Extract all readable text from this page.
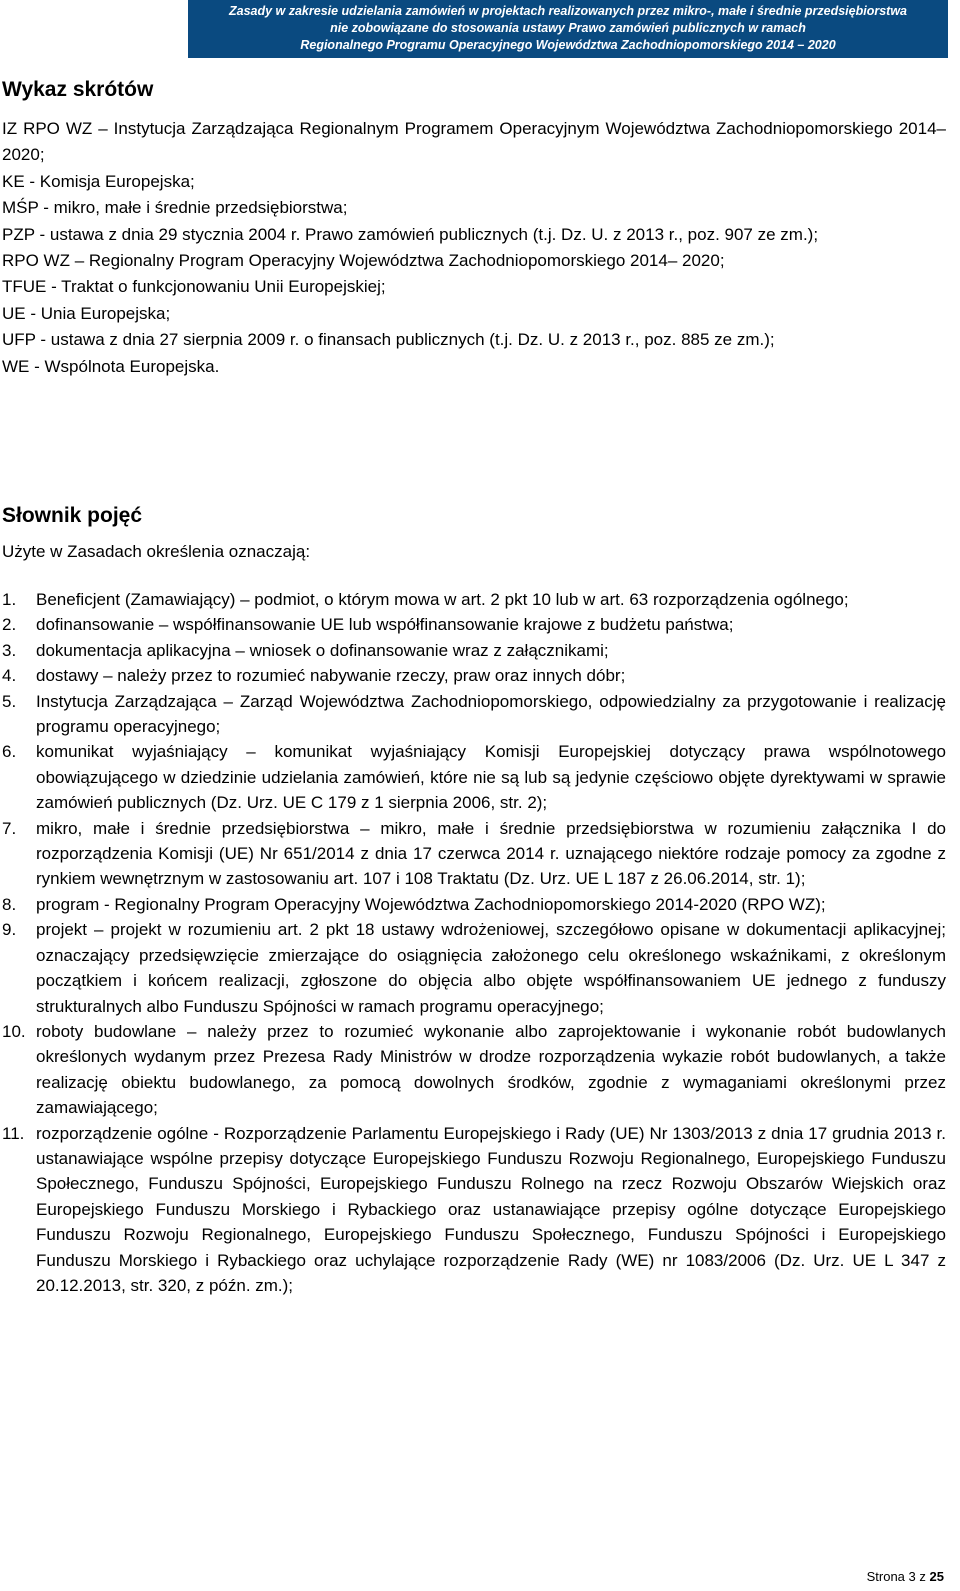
Zasady w zakresie udzielania zamówień w projektach realizowanych przez mikro-, małe i średnie przedsiębiorstwa
nie zobowiązane do stosowania ustawy Prawo zamówień publicznych w ramach
Regionalnego Programu Operacyjnego Województwa Zachodniopomorskiego 2014 – 2020
Wykaz skrótów
IZ RPO WZ – Instytucja Zarządzająca Regionalnym Programem Operacyjnym Województwa Zachodniopomorskiego 2014–2020;
KE - Komisja Europejska;
MŚP - mikro, małe i średnie przedsiębiorstwa;
PZP - ustawa z dnia 29 stycznia 2004 r. Prawo zamówień publicznych (t.j. Dz. U. z 2013 r., poz. 907 ze zm.);
RPO WZ – Regionalny Program Operacyjny Województwa Zachodniopomorskiego 2014– 2020;
TFUE - Traktat o funkcjonowaniu Unii Europejskiej;
UE - Unia Europejska;
UFP - ustawa z dnia 27 sierpnia 2009 r. o finansach publicznych (t.j. Dz. U. z 2013 r., poz. 885 ze zm.);
WE - Wspólnota Europejska.
Słownik pojęć

Użyte w Zasadach określenia oznaczają:

1. Beneficjent (Zamawiający) – podmiot, o którym mowa w art. 2 pkt 10 lub w art. 63 rozporządzenia ogólnego;
2. dofinansowanie – współfinansowanie UE lub współfinansowanie krajowe z budżetu państwa;
3. dokumentacja aplikacyjna – wniosek o dofinansowanie wraz z załącznikami;
4. dostawy – należy przez to rozumieć nabywanie rzeczy, praw oraz innych dóbr;
5. Instytucja Zarządzająca – Zarząd Województwa Zachodniopomorskiego, odpowiedzialny za przygotowanie i realizację programu operacyjnego;
6. komunikat wyjaśniający – komunikat wyjaśniający Komisji Europejskiej dotyczący prawa wspólnotowego obowiązującego w dziedzinie udzielania zamówień, które nie są lub są jedynie częściowo objęte dyrektywami w sprawie zamówień publicznych (Dz. Urz. UE C 179 z 1 sierpnia 2006, str. 2);
7. mikro, małe i średnie przedsiębiorstwa – mikro, małe i średnie przedsiębiorstwa w rozumieniu załącznika I do rozporządzenia Komisji (UE) Nr 651/2014 z dnia 17 czerwca 2014 r. uznającego niektóre rodzaje pomocy za zgodne z rynkiem wewnętrznym w zastosowaniu art. 107 i 108 Traktatu (Dz. Urz. UE L 187 z 26.06.2014, str. 1);
8. program - Regionalny Program Operacyjny Województwa Zachodniopomorskiego 2014-2020 (RPO WZ);
9. projekt – projekt w rozumieniu art. 2 pkt 18 ustawy wdrożeniowej, szczegółowo opisane w dokumentacji aplikacyjnej; oznaczający przedsięwzięcie zmierzające do osiągnięcia założonego celu określonego wskaźnikami, z określonym początkiem i końcem realizacji, zgłoszone do objęcia albo objęte współfinansowaniem UE jednego z funduszy strukturalnych albo Funduszu Spójności w ramach programu operacyjnego;
10. roboty budowlane – należy przez to rozumieć wykonanie albo zaprojektowanie i wykonanie robót budowlanych określonych wydanym przez Prezesa Rady Ministrów w drodze rozporządzenia wykazie robót budowlanych, a także realizację obiektu budowlanego, za pomocą dowolnych środków, zgodnie z wymaganiami określonymi przez zamawiającego;
11. rozporządzenie ogólne - Rozporządzenie Parlamentu Europejskiego i Rady (UE) Nr 1303/2013 z dnia 17 grudnia 2013 r. ustanawiające wspólne przepisy dotyczące Europejskiego Funduszu Rozwoju Regionalnego, Europejskiego Funduszu Społecznego, Funduszu Spójności, Europejskiego Funduszu Rolnego na rzecz Rozwoju Obszarów Wiejskich oraz Europejskiego Funduszu Morskiego i Rybackiego oraz ustanawiające przepisy ogólne dotyczące Europejskiego Funduszu Rozwoju Regionalnego, Europejskiego Funduszu Społecznego, Funduszu Spójności i Europejskiego Funduszu Morskiego i Rybackiego oraz uchylające rozporządzenie Rady (WE) nr 1083/2006 (Dz. Urz. UE L 347 z 20.12.2013, str. 320, z późn. zm.);
Strona 3 z 25
